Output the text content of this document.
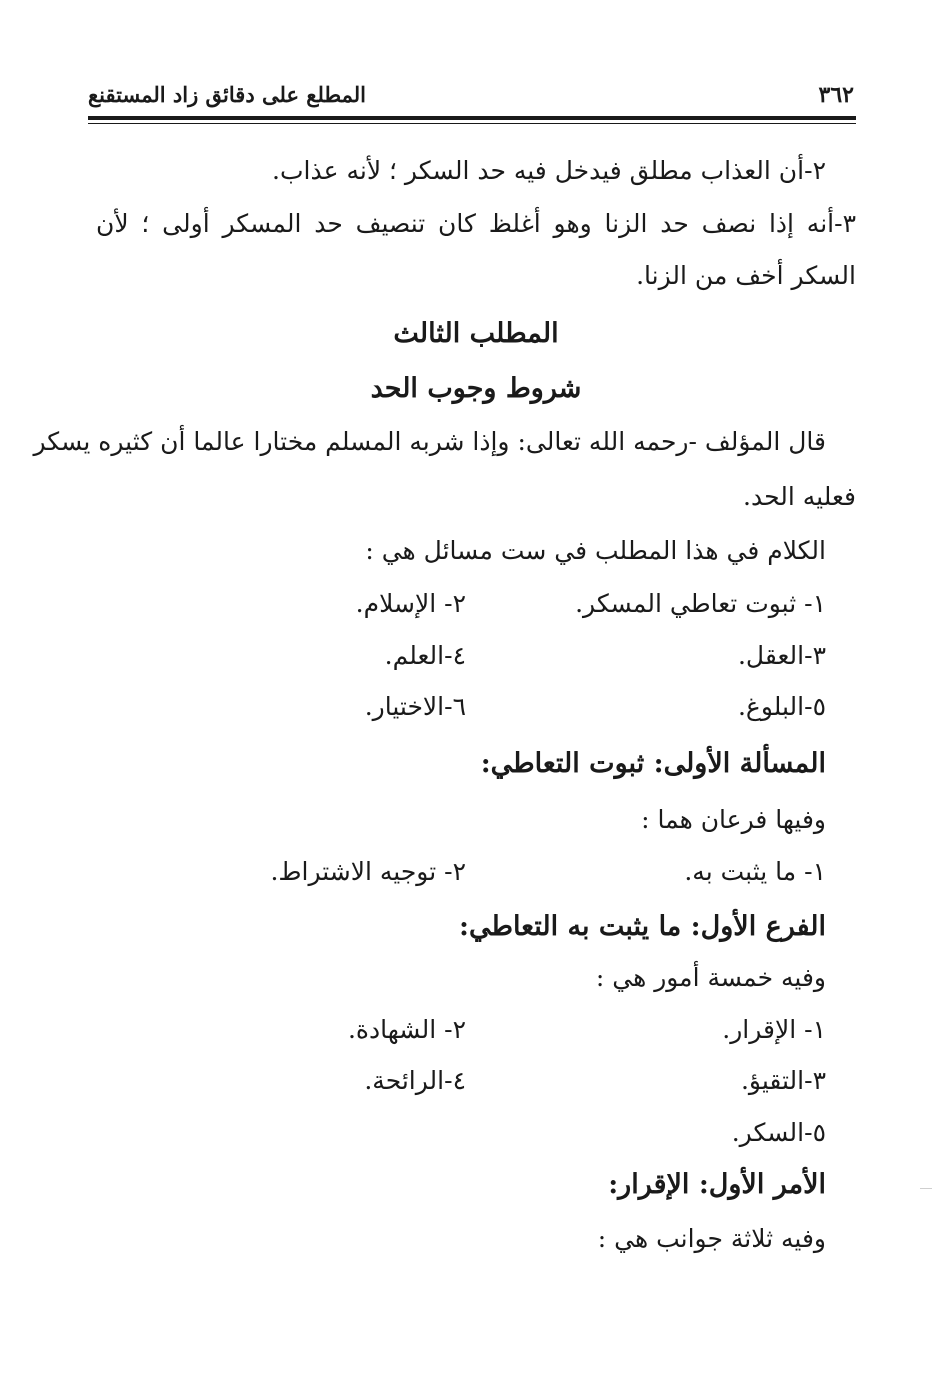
٣٦٢
المطلع على دقائق زاد المستقنع
٢-أن العذاب مطلق فيدخل فيه حد السكر ؛ لأنه عذاب.
٣-أنه إذا نصف حد الزنا وهو أغلظ كان تنصيف حد المسكر أولى ؛ لأن
السكر أخف من الزنا.
المطلب الثالث
شروط وجوب الحد
قال المؤلف -رحمه الله تعالى: وإذا شربه المسلم مختارا عالما أن كثيره يسكر
فعليه الحد.
الكلام في هذا المطلب في ست مسائل هي :
١- ثبوت تعاطي المسكر.
٢- الإسلام.
٣-العقل.
٤-العلم.
٥-البلوغ.
٦-الاختيار.
المسألة الأولى: ثبوت التعاطي:
وفيها فرعان هما :
١- ما يثبت به.
٢- توجيه الاشتراط.
الفرع الأول: ما يثبت به التعاطي:
وفيه خمسة أمور هي :
١- الإقرار.
٢- الشهادة.
٣-التقيؤ.
٤-الرائحة.
٥-السكر.
الأمر الأول: الإقرار:
وفيه ثلاثة جوانب هي :
